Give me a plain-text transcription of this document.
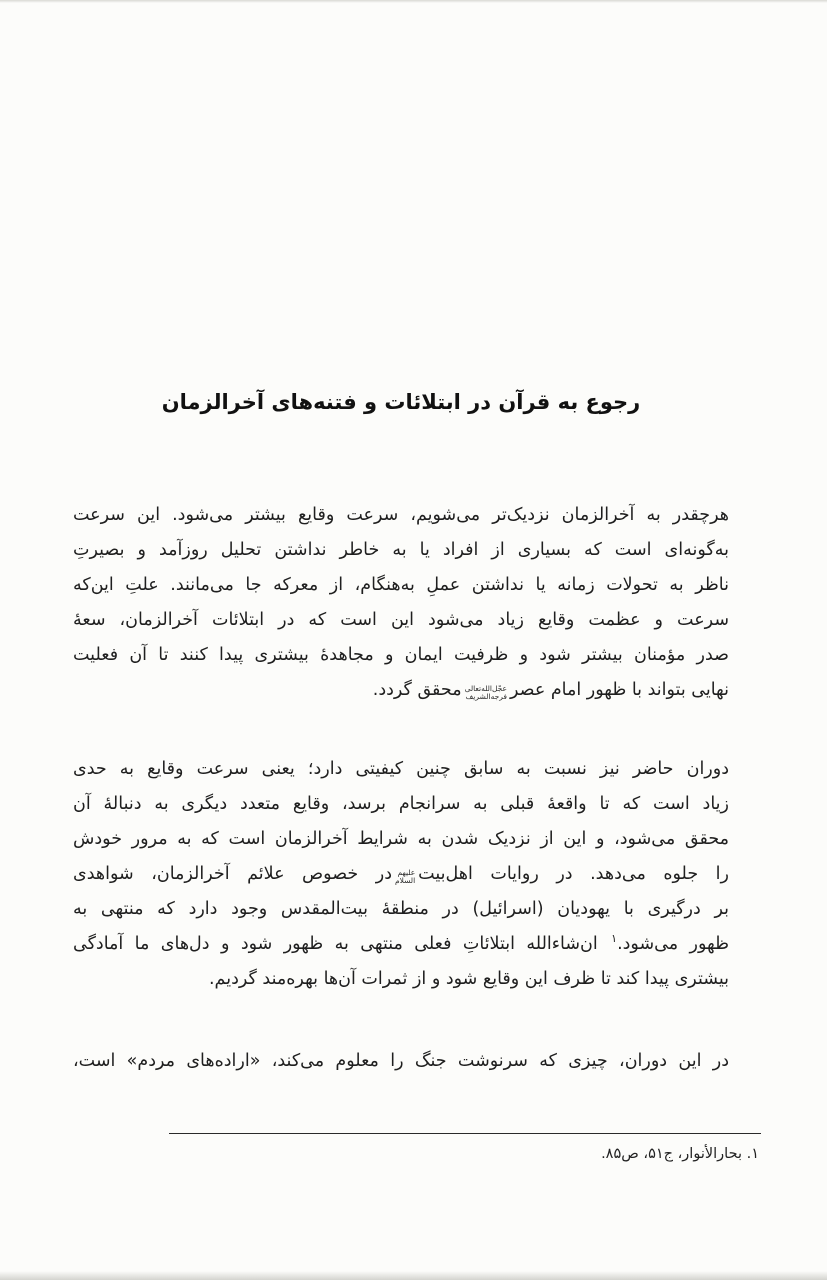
رجوع به قرآن در ابتلائات و فتنه‌های آخرالزمان
هرچقدر به آخرالزمان نزدیک‌تر می‌شویم، سرعت وقایع بیشتر می‌شود. این سرعت
به‌گونه‌ای است که بسیاری از افراد یا به خاطر نداشتن تحلیل روزآمد و بصیرتِ
ناظر به تحولات زمانه یا نداشتن عملِ به‌هنگام، از معرکه جا می‌مانند. علتِ این‌که
سرعت و عظمت وقایع زیاد می‌شود این است که در ابتلائات آخرالزمان، سعهٔ
صدر مؤمنان بیشتر شود و ظرفیت ایمان و مجاهدهٔ بیشتری پیدا کنند تا آن فعلیت
نهایی بتواند با ظهور امام عصر
عجّل‌الله‌تعالی
فرجه‌الشریف
محقق گردد.
دوران حاضر نیز نسبت به سابق چنین کیفیتی دارد؛ یعنی سرعت وقایع به حدی
زیاد است که تا واقعهٔ قبلی به سرانجام برسد، وقایع متعدد دیگری به دنبالهٔ آن
محقق می‌شود، و این از نزدیک شدن به شرایط آخرالزمان است که به مرور خودش
را جلوه می‌دهد. در روایات اهل‌بیت
علیهم
السلام
در خصوص علائم آخرالزمان، شواهدی
بر درگیری با یهودیان (اسرائیل) در منطقهٔ بیت‌المقدس وجود دارد که منتهی به
ظهور می‌شود.$^۱$ ان‌شاءالله ابتلائاتِ فعلی منتهی به ظهور شود و دل‌های ما آمادگی
بیشتری پیدا کند تا ظرف این وقایع شود و از ثمرات آن‌ها بهره‌مند گردیم.
در این دوران، چیزی که سرنوشت جنگ را معلوم می‌کند، «اراده‌های مردم» است،
۱. بحارالأنوار، ج۵۱، ص۸۵.
